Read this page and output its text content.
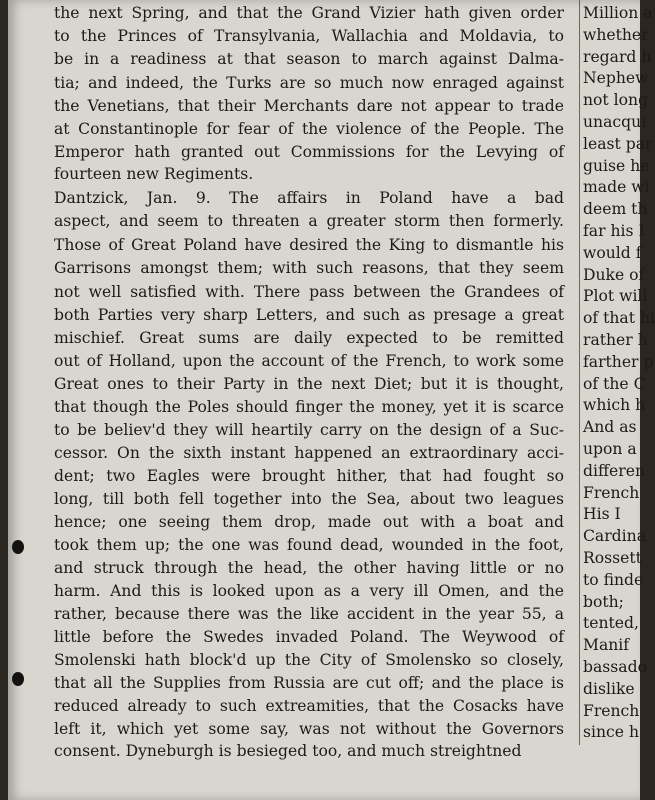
the next Spring, and that the Grand Vizier hath given order
to the Princes of Transylvania, Wallachia and Moldavia, to
be in a readiness at that season to march against Dalma-
tia; and indeed, the Turks are so much now enraged against
the Venetians, that their Merchants dare not appear to trade
at Constantinople for fear of the violence of the People. The
Emperor hath granted out Commissions for the Levying of
fourteen new Regiments.
Dantzick, Jan. 9. The affairs in Poland have a bad
aspect, and seem to threaten a greater storm then formerly.
Those of Great Poland have desired the King to dismantle his
Garrisons amongst them; with such reasons, that they seem
not well satisfied with. There pass between the Grandees of
both Parties very sharp Letters, and such as presage a great
mischief. Great sums are daily expected to be remitted
out of Holland, upon the account of the French, to work some
Great ones to their Party in the next Diet; but it is thought,
that though the Poles should finger the money, yet it is scarce
to be believ'd they will heartily carry on the design of a Suc-
cessor. On the sixth instant happened an extraordinary acci-
dent; two Eagles were brought hither, that had fought so
long, till both fell together into the Sea, about two leagues
hence; one seeing them drop, made out with a boat and
took them up; the one was found dead, wounded in the foot,
and struck through the head, the other having little or no
harm. And this is looked upon as a very ill Omen, and the
rather, because there was the like accident in the year 55, a
little before the Swedes invaded Poland. The Weywood of
Smolenski hath block'd up the City of Smolensko so closely,
that all the Supplies from Russia are cut off; and the place is
reduced already to such extreamities, that the Cosacks have
left it, which yet some say, was not without the Governors
consent. Dyneburgh is besieged too, and much streightned
Million a
whether
regard h
Nephew
not long
unacqui
least par
guise he
made wi
deem th
far his I
would f
Duke of
Plot will
of that hi
rather h
farther p
of the C
which h
And as
upon a
differen
French
His I
Cardina
Rossett
to finde
both;
tented,
Manif
bassado
dislike
French
since h
